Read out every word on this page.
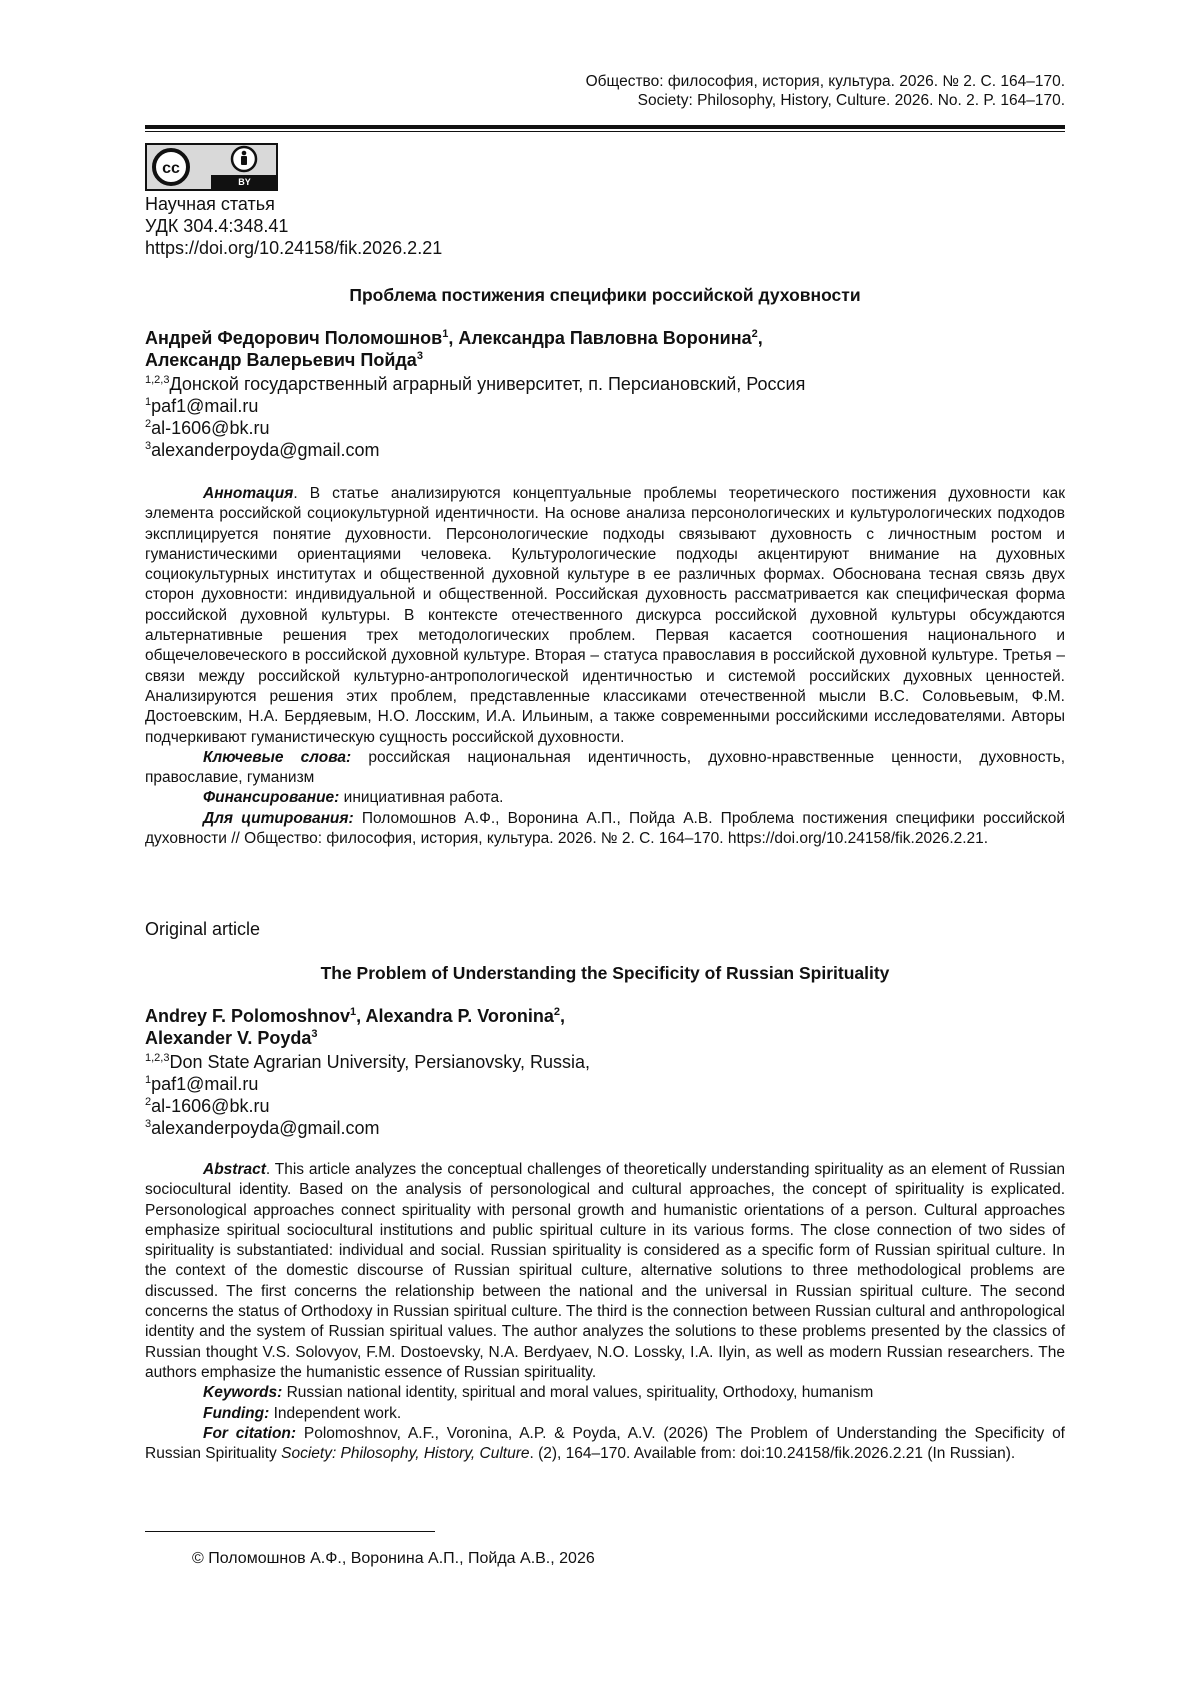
Общество: философия, история, культура. 2026. № 2. С. 164–170.
Society: Philosophy, History, Culture. 2026. No. 2. P. 164–170.
cc
BY
Научная статья
УДК 304.4:348.41
https://doi.org/10.24158/fik.2026.2.21
Проблема постижения специфики российской духовности
Андрей Федорович Поломошнов$^1$, Александра Павловна Воронина$^2$,
Александр Валерьевич Пойда$^3$
$^{1,2,3}$Донской государственный аграрный университет, п. Персиановский, Россия
$^1$paf1@mail.ru
$^2$al-1606@bk.ru
$^3$alexanderpoyda@gmail.com

Аннотация. В статье анализируются концептуальные проблемы теоретического постижения духовности как элемента российской социокультурной идентичности. На основе анализа персонологических и культурологических подходов эксплицируется понятие духовности. Персонологические подходы связывают духовность с личностным ростом и гуманистическими ориентациями человека. Культурологические подходы акцентируют внимание на духовных социокультурных институтах и общественной духовной культуре в ее различных формах. Обоснована тесная связь двух сторон духовности: индивидуальной и общественной. Российская духовность рассматривается как специфическая форма российской духовной культуры. В контексте отечественного дискурса российской духовной культуры обсуждаются альтернативные решения трех методологических проблем. Первая касается соотношения национального и общечеловеческого в российской духовной культуре. Вторая – статуса православия в российской духовной культуре. Третья – связи между российской культурно-антропологической идентичностью и системой российских духовных ценностей. Анализируются решения этих проблем, представленные классиками отечественной мысли В.С. Соловьевым, Ф.М. Достоевским, Н.А. Бердяевым, Н.О. Лосским, И.А. Ильиным, а также современными российскими исследователями. Авторы подчеркивают гуманистическую сущность российской духовности.

Ключевые слова: российская национальная идентичность, духовно-нравственные ценности, духовность, православие, гуманизм

Финансирование: инициативная работа.

Для цитирования: Поломошнов А.Ф., Воронина А.П., Пойда А.В. Проблема постижения специфики российской духовности // Общество: философия, история, культура. 2026. № 2. С. 164–170. https://doi.org/10.24158/fik.2026.2.21.

Original article
The Problem of Understanding the Specificity of Russian Spirituality
Andrey F. Polomoshnov$^1$, Alexandra P. Voronina$^2$,
Alexander V. Poyda$^3$
$^{1,2,3}$Don State Agrarian University, Persianovsky, Russia,
$^1$paf1@mail.ru
$^2$al-1606@bk.ru
$^3$alexanderpoyda@gmail.com

Abstract. This article analyzes the conceptual challenges of theoretically understanding spirituality as an element of Russian sociocultural identity. Based on the analysis of personological and cultural approaches, the concept of spirituality is explicated. Personological approaches connect spirituality with personal growth and humanistic orientations of a person. Cultural approaches emphasize spiritual sociocultural institutions and public spiritual culture in its various forms. The close connection of two sides of spirituality is substantiated: individual and social. Russian spirituality is considered as a specific form of Russian spiritual culture. In the context of the domestic discourse of Russian spiritual culture, alternative solutions to three methodological problems are discussed. The first concerns the relationship between the national and the universal in Russian spiritual culture. The second concerns the status of Orthodoxy in Russian spiritual culture. The third is the connection between Russian cultural and anthropological identity and the system of Russian spiritual values. The author analyzes the solutions to these problems presented by the classics of Russian thought V.S. Solovyov, F.M. Dostoevsky, N.A. Berdyaev, N.O. Lossky, I.A. Ilyin, as well as modern Russian researchers. The authors emphasize the humanistic essence of Russian spirituality.

Keywords: Russian national identity, spiritual and moral values, spirituality, Orthodoxy, humanism

Funding: Independent work.

For citation: Polomoshnov, A.F., Voronina, A.P. & Poyda, A.V. (2026) The Problem of Understanding the Specificity of Russian Spirituality Society: Philosophy, History, Culture. (2), 164–170. Available from: doi:10.24158/fik.2026.2.21 (In Russian).

© Поломошнов А.Ф., Воронина А.П., Пойда А.В., 2026
